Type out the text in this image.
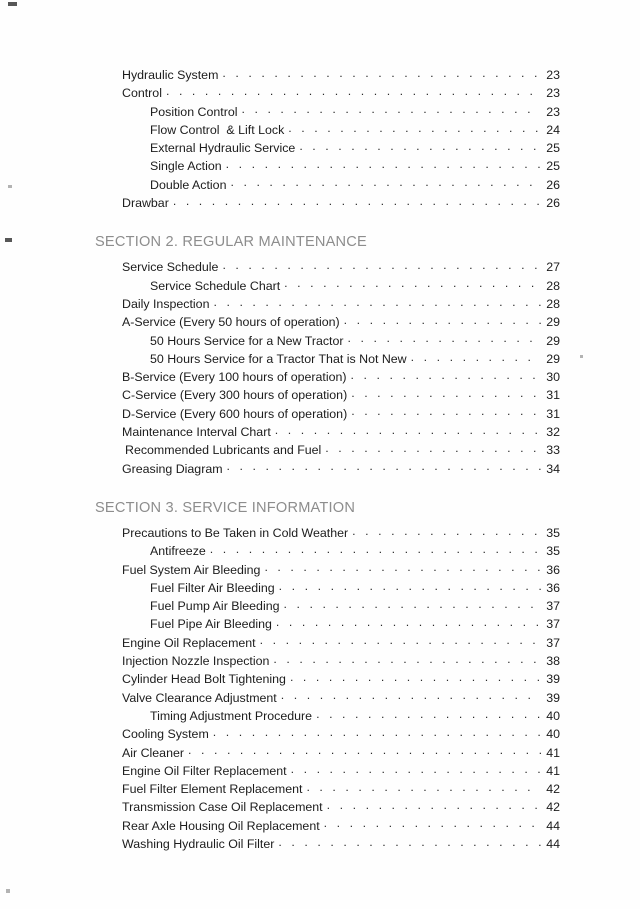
Hydraulic System . . .	23
Control . . .	23
Position Control . . .	23
Flow Control  & Lift Lock . . .	24
External Hydraulic Service . . .	25
Single Action . . .	25
Double Action . . .	26
Drawbar . . .	26
SECTION 2. REGULAR MAINTENANCE
Service Schedule . . .	27
Service Schedule Chart . . .	28
Daily Inspection . . .	28
A-Service (Every 50 hours of operation) . . .	29
50 Hours Service for a New Tractor . . .	29
50 Hours Service for a Tractor That is Not New . . .	29
B-Service (Every 100 hours of operation) . . .	30
C-Service (Every 300 hours of operation) . . .	31
D-Service (Every 600 hours of operation) . . .	31
Maintenance Interval Chart . . .	32
Recommended Lubricants and Fuel . . .	33
Greasing Diagram . . .	34
SECTION 3. SERVICE INFORMATION
Precautions to Be Taken in Cold Weather . . .	35
Antifreeze . . .	35
Fuel System Air Bleeding . . .	36
Fuel Filter Air Bleeding . . .	36
Fuel Pump Air Bleeding . . .	37
Fuel Pipe Air Bleeding . . .	37
Engine Oil Replacement . . .	37
Injection Nozzle Inspection . . .	38
Cylinder Head Bolt Tightening . . .	39
Valve Clearance Adjustment . . .	39
Timing Adjustment Procedure . . .	40
Cooling System . . .	40
Air Cleaner . . .	41
Engine Oil Filter Replacement . . .	41
Fuel Filter Element Replacement . . .	42
Transmission Case Oil Replacement . . .	42
Rear Axle Housing Oil Replacement . . .	44
Washing Hydraulic Oil Filter . . .	44
